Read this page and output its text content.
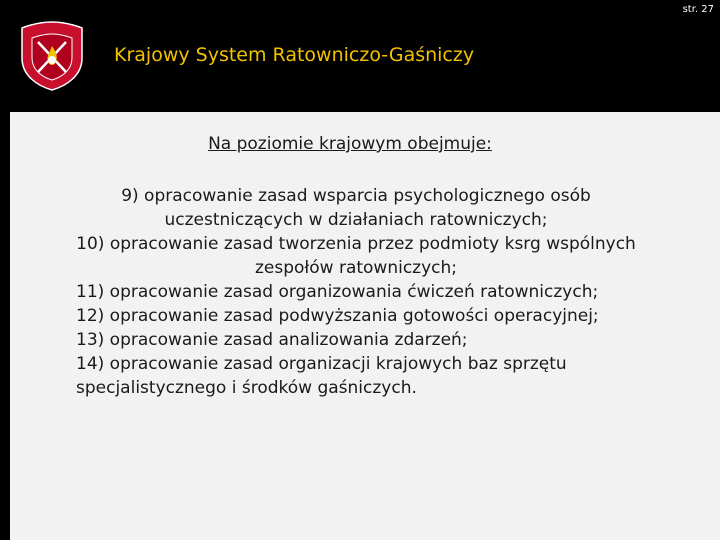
str. 27
Krajowy System Ratowniczo-Gaśniczy
Na poziomie krajowym obejmuje:

9) opracowanie zasad wsparcia psychologicznego osób uczestniczących w działaniach ratowniczych;

10) opracowanie zasad tworzenia przez podmioty ksrg wspólnych zespołów ratowniczych;

11) opracowanie zasad organizowania ćwiczeń ratowniczych;

12) opracowanie zasad podwyższania gotowości operacyjnej;

13) opracowanie zasad analizowania zdarzeń;

14) opracowanie zasad organizacji krajowych baz sprzętu specjalistycznego i środków gaśniczych.
